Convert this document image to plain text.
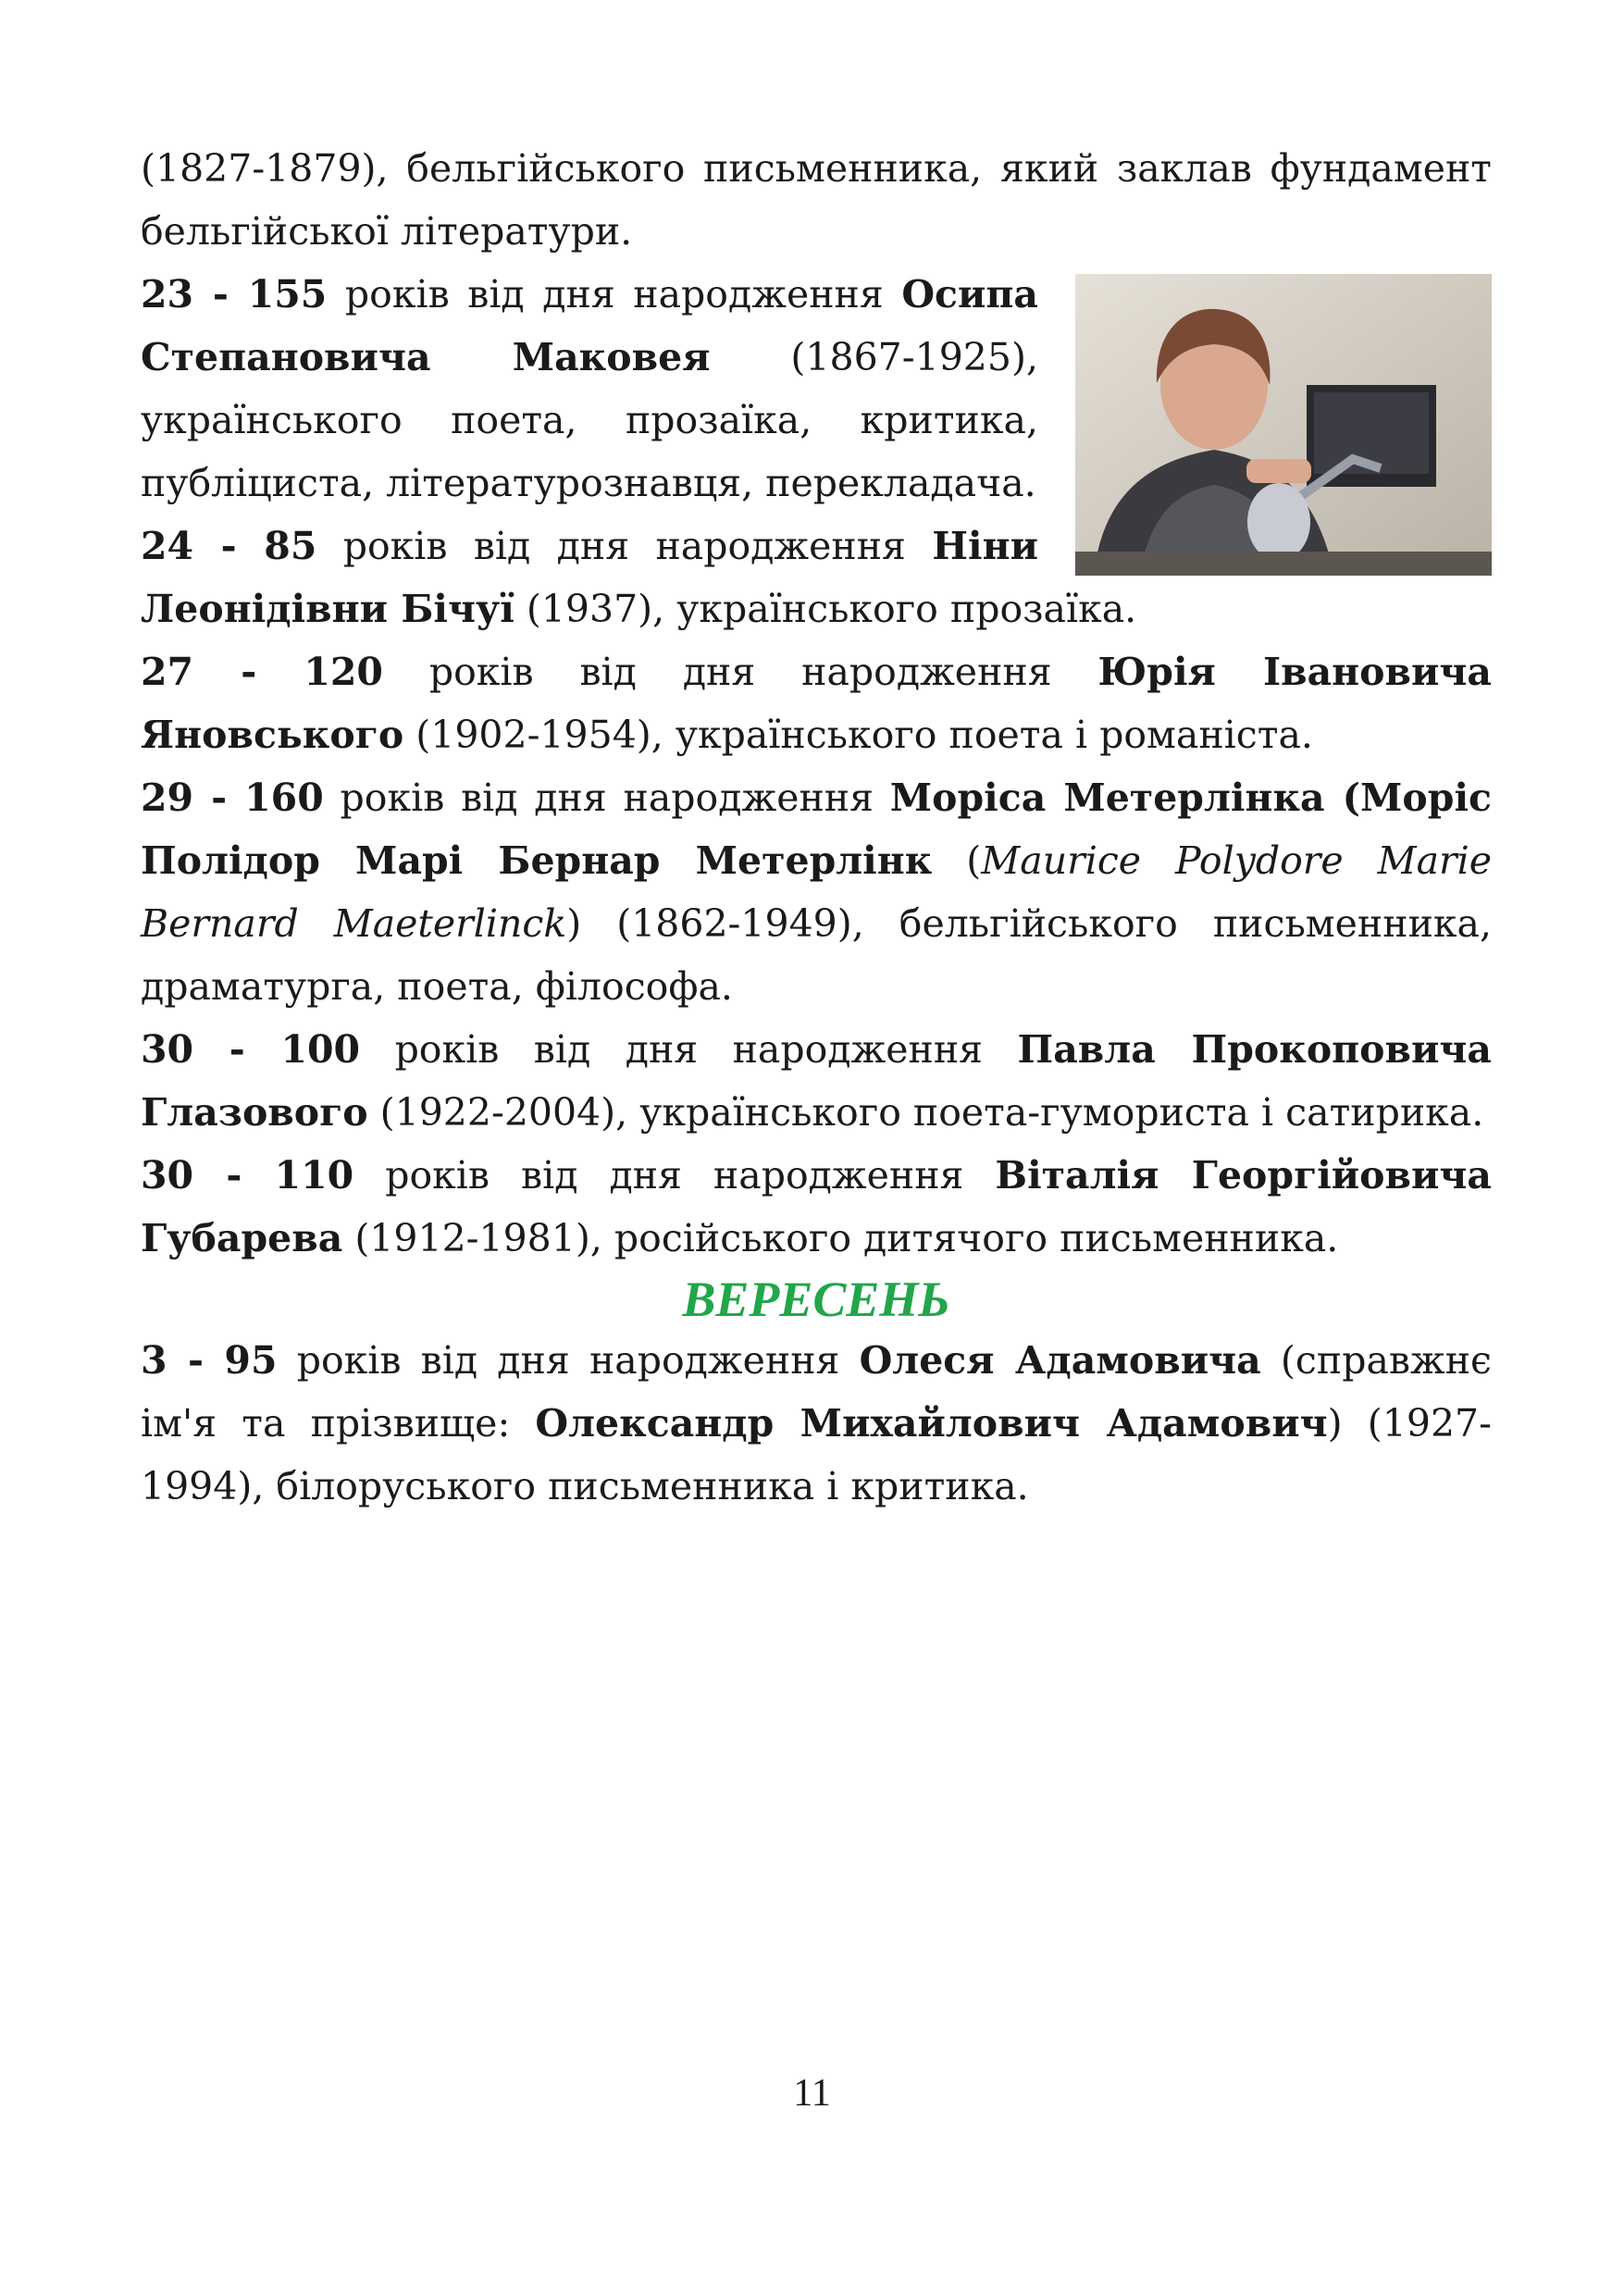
(1827-1879), бельгійського письменника, який заклав фундамент бельгійської літератури.

23 - 155 років від дня народження Осипа Степановича Маковея (1867-1925), українського поета, прозаїка, критика, публіциста, літературознавця, перекладача.

24 - 85 років від дня народження Ніни Леонідівни Бічуї (1937), українського прозаїка.

27 - 120 років від дня народження Юрія Івановича Яновського (1902-1954), українського поета і романіста.

29 - 160 років від дня народження Моріса Метерлінка (Моріс Полідор Марі Бернар Метерлінк (Maurice Polydore Marie Bernard Maeterlinck) (1862-1949), бельгійського письменника, драматурга, поета, філософа.

30 - 100 років від дня народження Павла Прокоповича Глазового (1922-2004), українського поета-гумориста і сатирика.

30 - 110 років від дня народження Віталія Георгійовича Губарева (1912-1981), російського дитячого письменника.

ВЕРЕСЕНЬ

3 - 95 років від дня народження Олеся Адамовича (справжнє ім'я та прізвище: Олександр Михайлович Адамович) (1927-1994), білоруського письменника і критика.

11
